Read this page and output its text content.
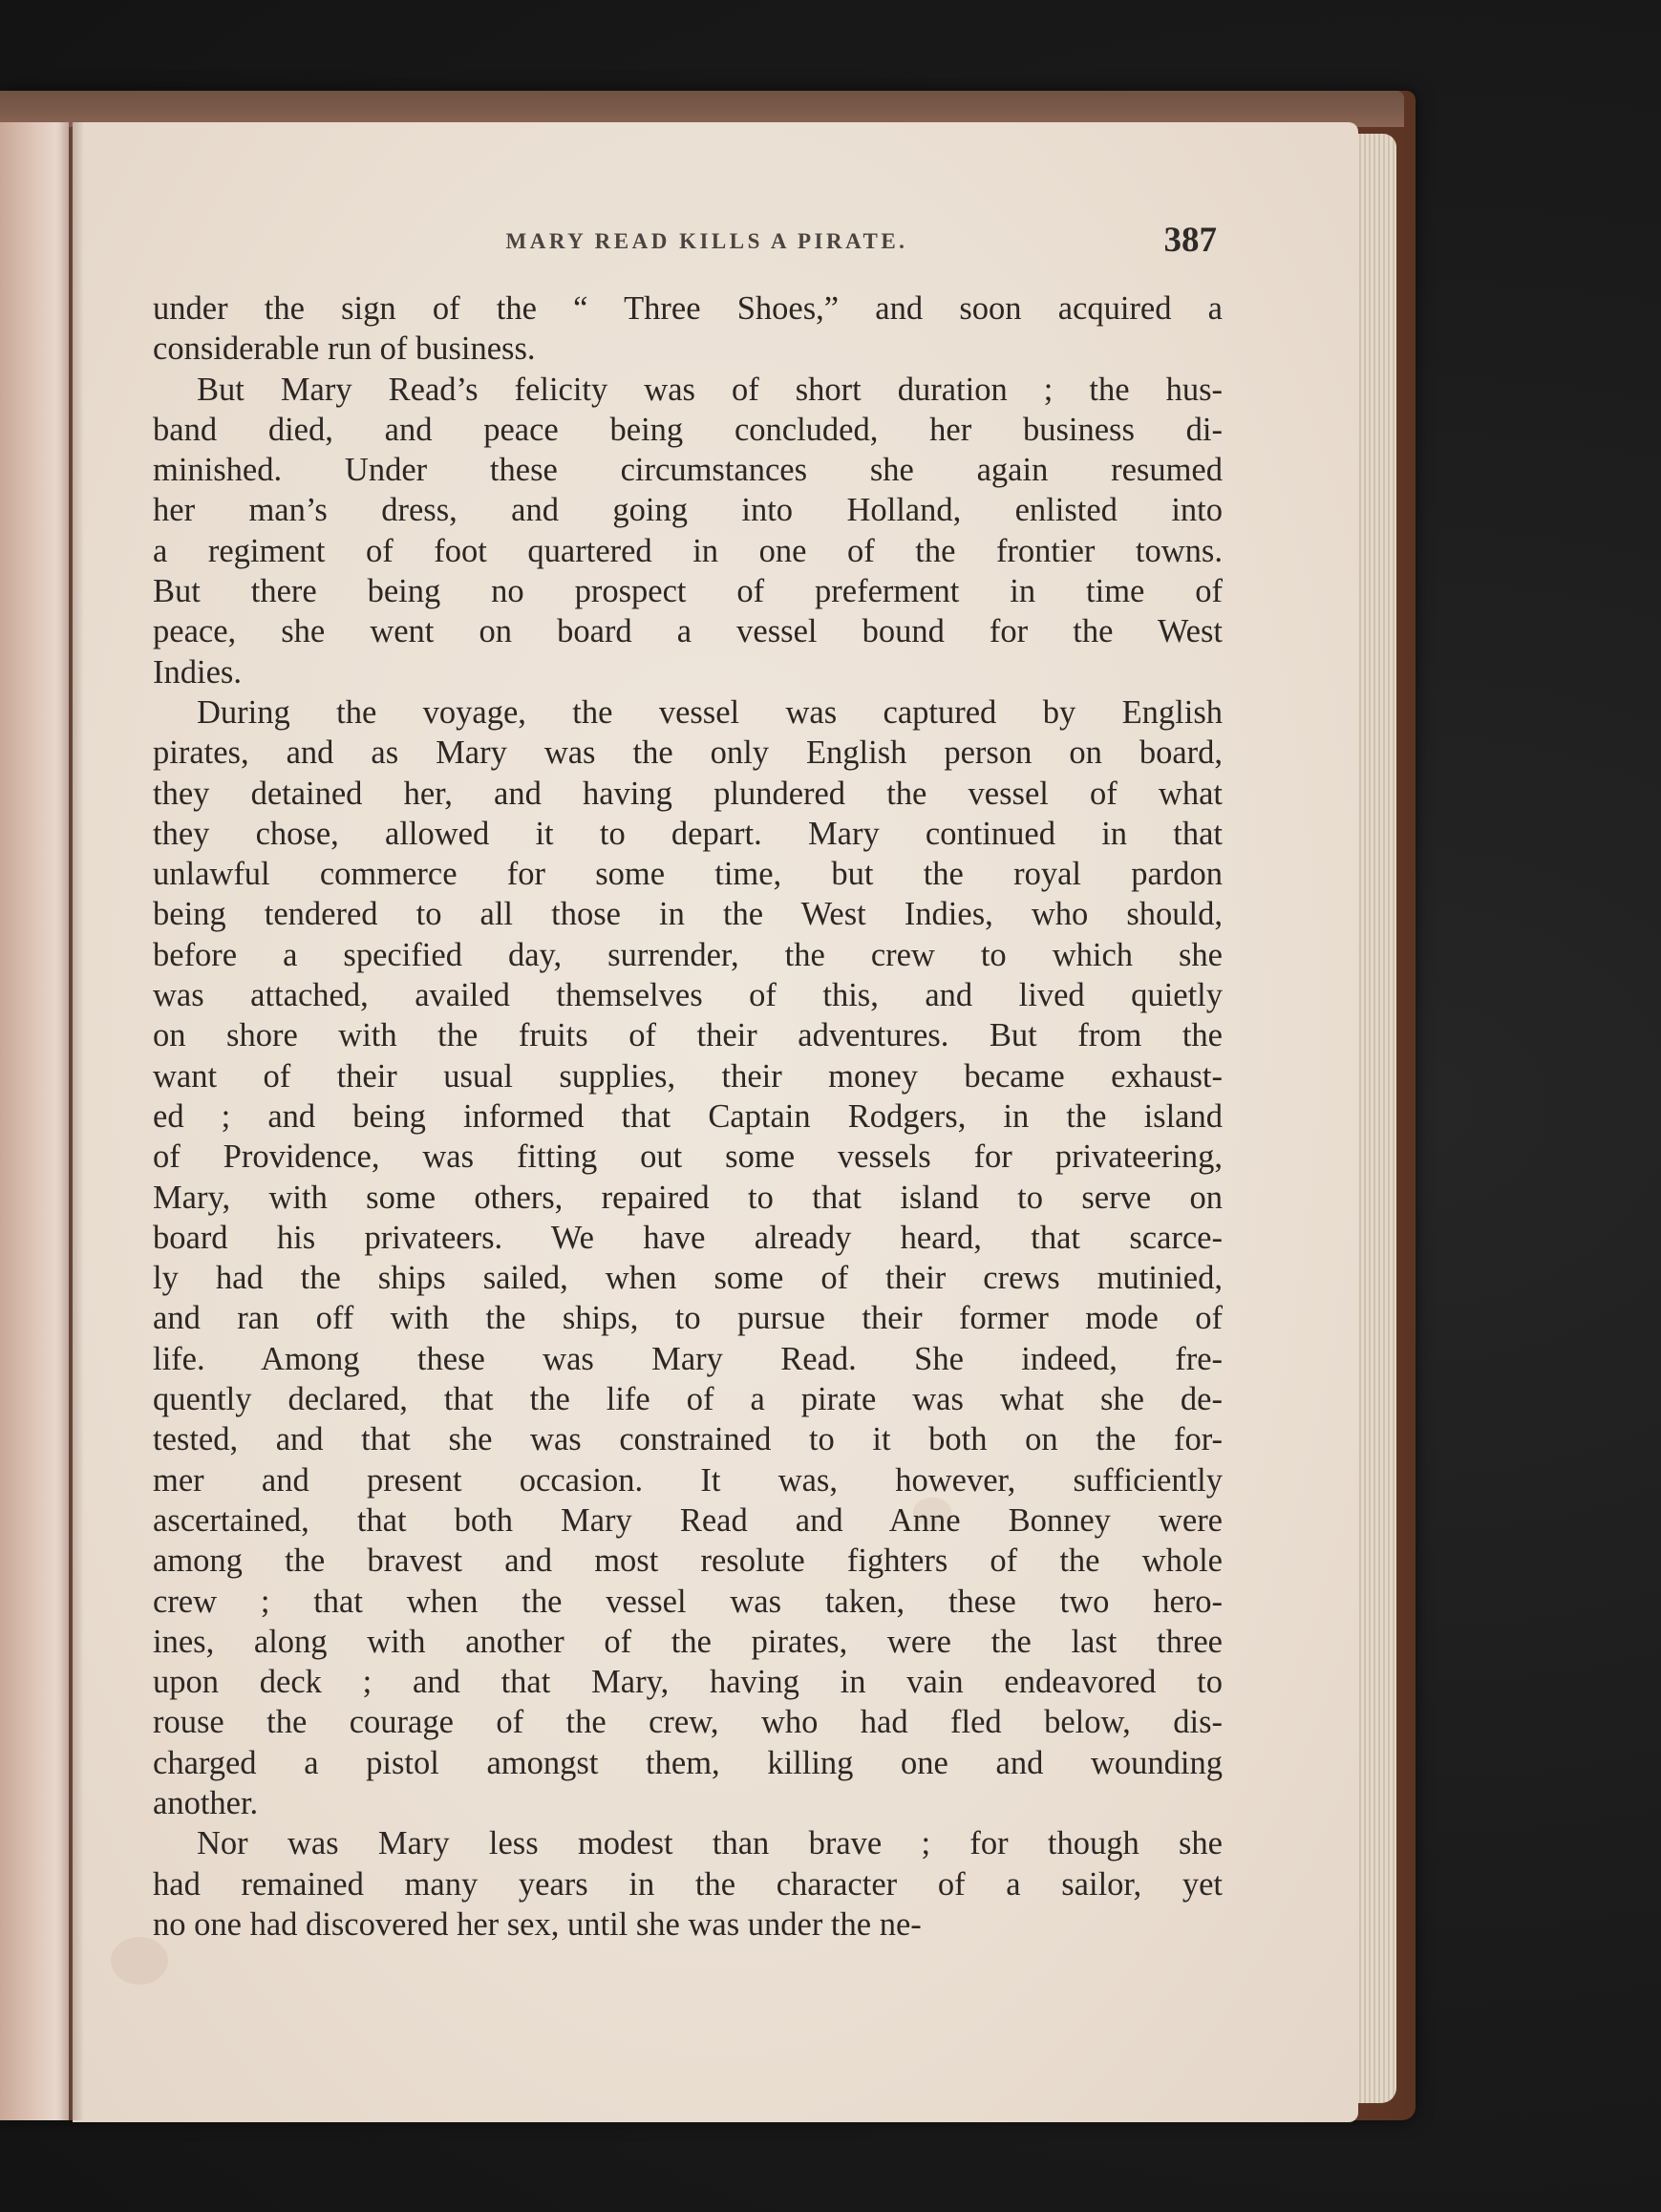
MARY READ KILLS A PIRATE.	387

under the sign of the “ Three Shoes,” and soon acquired a
considerable run of business.

But Mary Read’s felicity was of short duration ; the hus-
band died, and peace being concluded, her business di-
minished. Under these circumstances she again resumed
her man’s dress, and going into Holland, enlisted into
a regiment of foot quartered in one of the frontier towns.
But there being no prospect of preferment in time of
peace, she went on board a vessel bound for the West
Indies.

During the voyage, the vessel was captured by English
pirates, and as Mary was the only English person on board,
they detained her, and having plundered the vessel of what
they chose, allowed it to depart. Mary continued in that
unlawful commerce for some time, but the royal pardon
being tendered to all those in the West Indies, who should,
before a specified day, surrender, the crew to which she
was attached, availed themselves of this, and lived quietly
on shore with the fruits of their adventures. But from the
want of their usual supplies, their money became exhaust-
ed ; and being informed that Captain Rodgers, in the island
of Providence, was fitting out some vessels for privateering,
Mary, with some others, repaired to that island to serve on
board his privateers. We have already heard, that scarce-
ly had the ships sailed, when some of their crews mutinied,
and ran off with the ships, to pursue their former mode of
life. Among these was Mary Read. She indeed, fre-
quently declared, that the life of a pirate was what she de-
tested, and that she was constrained to it both on the for-
mer and present occasion. It was, however, sufficiently
ascertained, that both Mary Read and Anne Bonney were
among the bravest and most resolute fighters of the whole
crew ; that when the vessel was taken, these two hero-
ines, along with another of the pirates, were the last three
upon deck ; and that Mary, having in vain endeavored to
rouse the courage of the crew, who had fled below, dis-
charged a pistol amongst them, killing one and wounding
another.

Nor was Mary less modest than brave ; for though she
had remained many years in the character of a sailor, yet
no one had discovered her sex, until she was under the ne-
